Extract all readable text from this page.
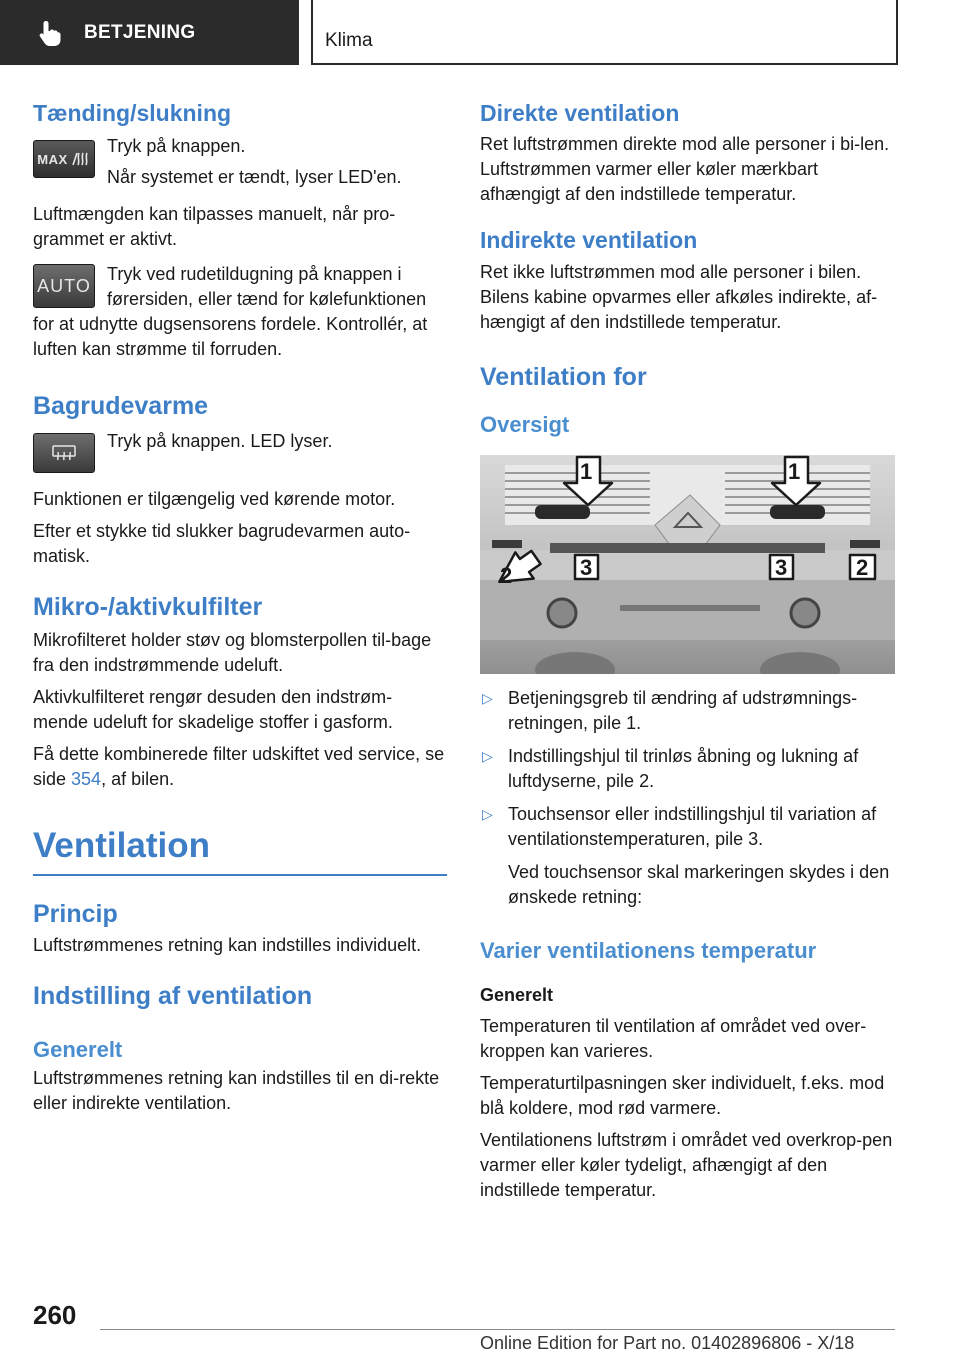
BETJENING	Klima
Tænding/slukning
MAX

Tryk på knappen.

Når systemet er tændt, lyser LED'en.

Luftmængden kan tilpasses manuelt, når pro-grammet er aktivt.

AUTO

Tryk ved rudetildugning på knappen i

førersiden, eller tænd for kølefunktionen

for at udnytte dugsensorens fordele. Kontrollér, at luften kan strømme til forruden.

Bagrudevarme

Tryk på knappen. LED lyser.

Funktionen er tilgængelig ved kørende motor.

Efter et stykke tid slukker bagrudevarmen auto-matisk.

Mikro-/aktivkulfilter

Mikrofilteret holder støv og blomsterpollen til-bage fra den indstrømmende udeluft.

Aktivkulfilteret rengør desuden den indstrøm-mende udeluft for skadelige stoffer i gasform.

Få dette kombinerede filter udskiftet ved service, se side 354, af bilen.

Ventilation
Princip

Luftstrømmenes retning kan indstilles individuelt.

Indstilling af ventilation
Generelt

Luftstrømmenes retning kan indstilles til en di-rekte eller indirekte ventilation.

Direkte ventilation

Ret luftstrømmen direkte mod alle personer i bi-len. Luftstrømmen varmer eller køler mærkbart afhængigt af den indstillede temperatur.

Indirekte ventilation

Ret ikke luftstrømmen mod alle personer i bilen. Bilens kabine opvarmes eller afkøles indirekte, af-hængigt af den indstillede temperatur.

Ventilation for
Oversigt
1	1
2	3	3	2
▷ Betjeningsgreb til ændring af udstrømnings-retningen, pile 1.
▷ Indstillingshjul til trinløs åbning og lukning af luftdyserne, pile 2.
▷ Touchsensor eller indstillingshjul til variation af ventilationstemperaturen, pile 3.
Ved touchsensor skal markeringen skydes i den ønskede retning:
Varier ventilationens temperatur
Generelt

Temperaturen til ventilation af området ved over-kroppen kan varieres.

Temperaturtilpasningen sker individuelt, f.eks. mod blå koldere, mod rød varmere.

Ventilationens luftstrøm i området ved overkrop-pen varmer eller køler tydeligt, afhængigt af den indstillede temperatur.

260
Online Edition for Part no. 01402896806 - X/18
